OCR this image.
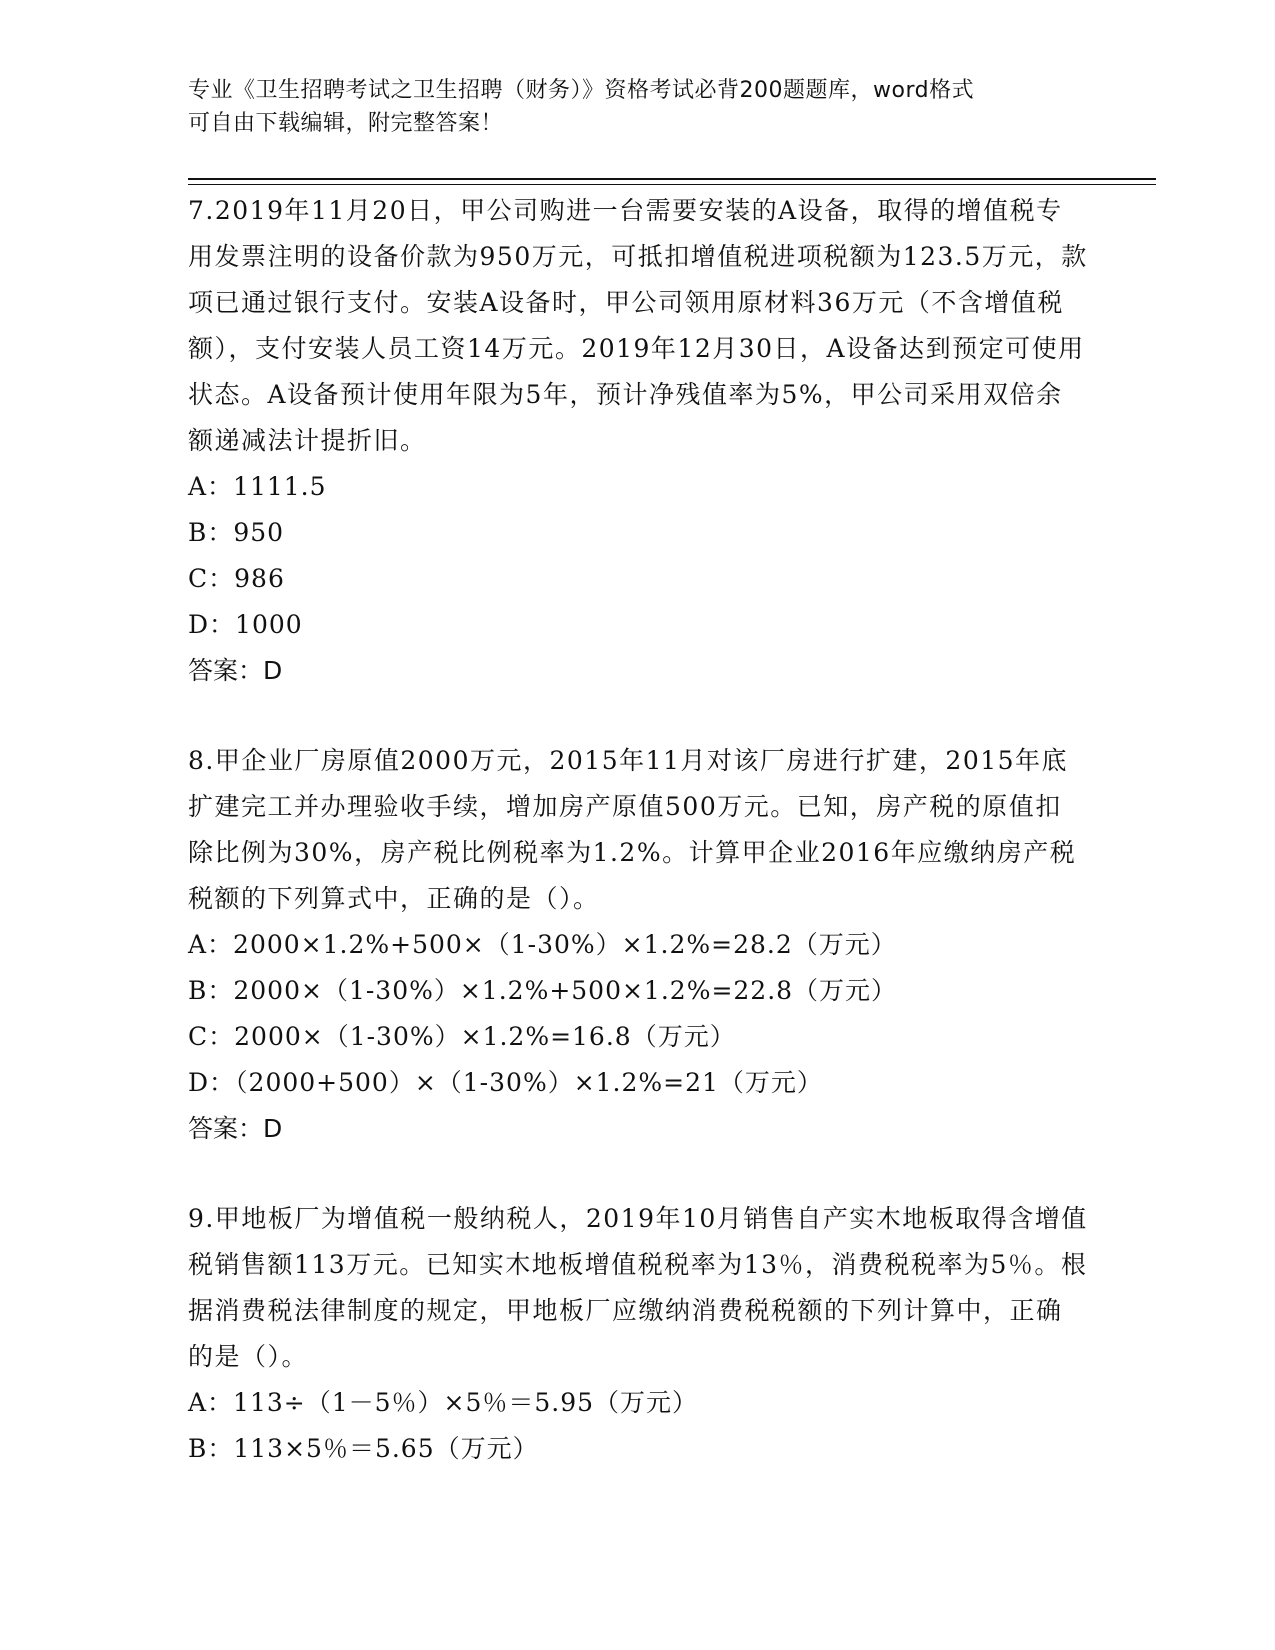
专业《卫生招聘考试之卫生招聘（财务）》资格考试必背200题题库，word格式
可自由下载编辑，附完整答案！

7.2019年11月20日，甲公司购进一台需要安装的A设备，取得的增值税专用发票注明的设备价款为950万元，可抵扣增值税进项税额为123.5万元，款项已通过银行支付。安装A设备时，甲公司领用原材料36万元（不含增值税额），支付安装人员工资14万元。2019年12月30日，A设备达到预定可使用状态。A设备预计使用年限为5年，预计净残值率为5%，甲公司采用双倍余额递减法计提折旧。

A：1111.5

B：950

C：986

D：1000

答案：D

8.甲企业厂房原值2000万元，2015年11月对该厂房进行扩建，2015年底扩建完工并办理验收手续，增加房产原值500万元。已知，房产税的原值扣除比例为30%，房产税比例税率为1.2%。计算甲企业2016年应缴纳房产税税额的下列算式中，正确的是（）。

A：2000×1.2%+500×（1-30%）×1.2%=28.2（万元）

B：2000×（1-30%）×1.2%+500×1.2%=22.8（万元）

C：2000×（1-30%）×1.2%=16.8（万元）

D：（2000+500）×（1-30%）×1.2%=21（万元）

答案：D

9.甲地板厂为增值税一般纳税人，2019年10月销售自产实木地板取得含增值税销售额113万元。已知实木地板增值税税率为13％，消费税税率为5％。根据消费税法律制度的规定，甲地板厂应缴纳消费税税额的下列计算中，正确的是（）。

A：113÷（1－5％）×5％＝5.95（万元）

B：113×5％＝5.65（万元）
